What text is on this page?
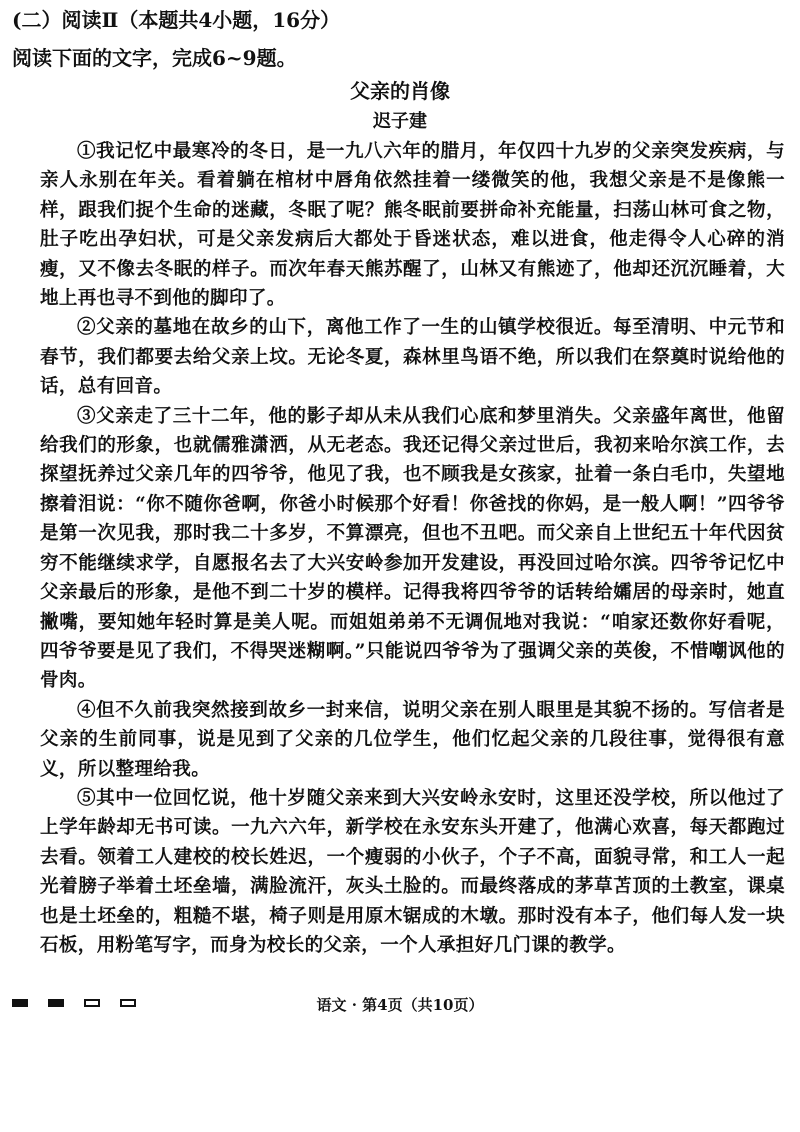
(二）阅读Ⅱ（本题共4小题，16分）
阅读下面的文字，完成6~9题。
父亲的肖像
迟子建

①我记忆中最寒冷的冬日，是一九八六年的腊月，年仅四十九岁的父亲突发疾病，与亲人永别在年关。看着躺在棺材中唇角依然挂着一缕微笑的他，我想父亲是不是像熊一样，跟我们捉个生命的迷藏，冬眠了呢？熊冬眠前要拼命补充能量，扫荡山林可食之物，肚子吃出孕妇状，可是父亲发病后大都处于昏迷状态，难以进食，他走得令人心碎的消瘦，又不像去冬眠的样子。而次年春天熊苏醒了，山林又有熊迹了，他却还沉沉睡着，大地上再也寻不到他的脚印了。

②父亲的墓地在故乡的山下，离他工作了一生的山镇学校很近。每至清明、中元节和春节，我们都要去给父亲上坟。无论冬夏，森林里鸟语不绝，所以我们在祭奠时说给他的话，总有回音。

③父亲走了三十二年，他的影子却从未从我们心底和梦里消失。父亲盛年离世，他留给我们的形象，也就儒雅潇洒，从无老态。我还记得父亲过世后，我初来哈尔滨工作，去探望抚养过父亲几年的四爷爷，他见了我，也不顾我是女孩家，扯着一条白毛巾，失望地擦着泪说：“你不随你爸啊，你爸小时候那个好看！你爸找的你妈，是一般人啊！”四爷爷是第一次见我，那时我二十多岁，不算漂亮，但也不丑吧。而父亲自上世纪五十年代因贫穷不能继续求学，自愿报名去了大兴安岭参加开发建设，再没回过哈尔滨。四爷爷记忆中父亲最后的形象，是他不到二十岁的模样。记得我将四爷爷的话转给孀居的母亲时，她直撇嘴，要知她年轻时算是美人呢。而姐姐弟弟不无调侃地对我说：“咱家还数你好看呢，四爷爷要是见了我们，不得哭迷糊啊。”只能说四爷爷为了强调父亲的英俊，不惜嘲讽他的骨肉。

④但不久前我突然接到故乡一封来信，说明父亲在别人眼里是其貌不扬的。写信者是父亲的生前同事，说是见到了父亲的几位学生，他们忆起父亲的几段往事，觉得很有意义，所以整理给我。

⑤其中一位回忆说，他十岁随父亲来到大兴安岭永安时，这里还没学校，所以他过了上学年龄却无书可读。一九六六年，新学校在永安东头开建了，他满心欢喜，每天都跑过去看。领着工人建校的校长姓迟，一个瘦弱的小伙子，个子不高，面貌寻常，和工人一起光着膀子举着土坯垒墙，满脸流汗，灰头土脸的。而最终落成的茅草苫顶的土教室，课桌也是土坯垒的，粗糙不堪，椅子则是用原木锯成的木墩。那时没有本子，他们每人发一块石板，用粉笔写字，而身为校长的父亲，一个人承担好几门课的教学。

语文 · 第4页（共10页）
